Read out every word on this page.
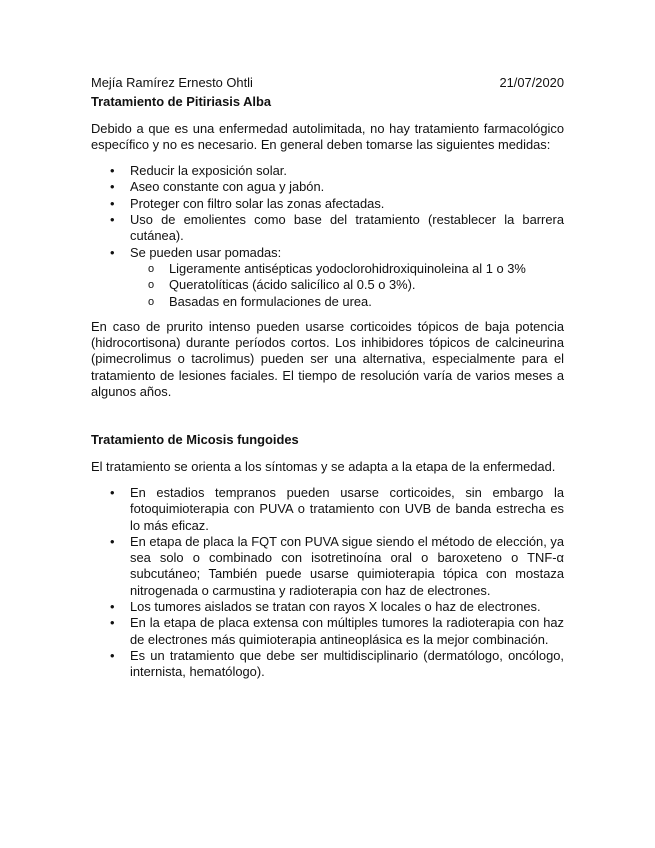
Mejía Ramírez Ernesto Ohtli	21/07/2020
Tratamiento de Pitiriasis Alba

Debido a que es una enfermedad autolimitada, no hay tratamiento farmacológico específico y no es necesario. En general deben tomarse las siguientes medidas:

• Reducir la exposición solar.
• Aseo constante con agua y jabón.
• Proteger con filtro solar las zonas afectadas.
• Uso de emolientes como base del tratamiento (restablecer la barrera cutánea).
• Se pueden usar pomadas:
o Ligeramente antisépticas yodoclorohidroxiquinoleina al 1 o 3%
o Queratolíticas (ácido salicílico al 0.5 o 3%).
o Basadas en formulaciones de urea.

En caso de prurito intenso pueden usarse corticoides tópicos de baja potencia (hidrocortisona) durante períodos cortos. Los inhibidores tópicos de calcineurina (pimecrolimus o tacrolimus) pueden ser una alternativa, especialmente para el tratamiento de lesiones faciales. El tiempo de resolución varía de varios meses a algunos años.

Tratamiento de Micosis fungoides

El tratamiento se orienta a los síntomas y se adapta a la etapa de la enfermedad.

• En estadios tempranos pueden usarse corticoides, sin embargo la fotoquimioterapia con PUVA o tratamiento con UVB de banda estrecha es lo más eficaz.
• En etapa de placa la FQT con PUVA sigue siendo el método de elección, ya sea solo o combinado con isotretinoína oral o baroxeteno o TNF-α subcutáneo; También puede usarse quimioterapia tópica con mostaza nitrogenada o carmustina y radioterapia con haz de electrones.
• Los tumores aislados se tratan con rayos X locales o haz de electrones.
• En la etapa de placa extensa con múltiples tumores la radioterapia con haz de electrones más quimioterapia antineoplásica es la mejor combinación.
• Es un tratamiento que debe ser multidisciplinario (dermatólogo, oncólogo, internista, hematólogo).
